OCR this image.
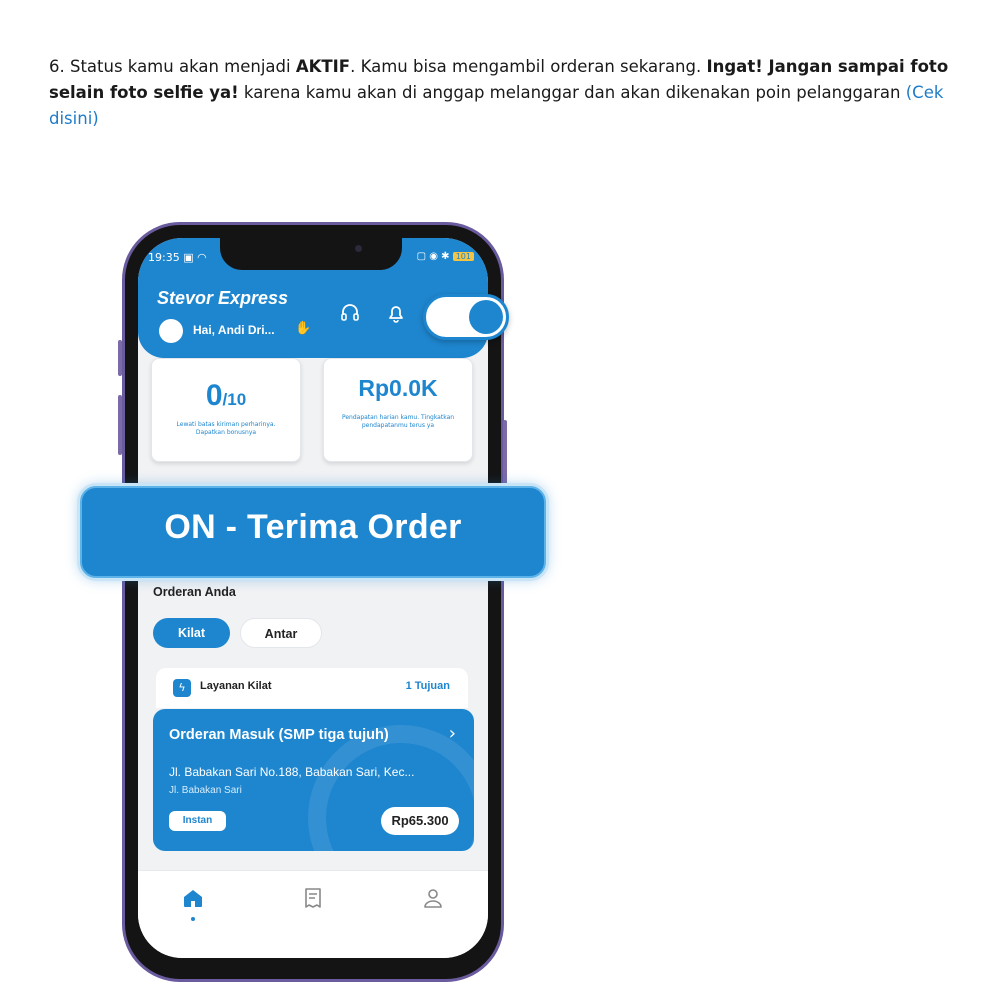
6. Status kamu akan menjadi AKTIF. Kamu bisa mengambil orderan sekarang. Ingat! Jangan sampai foto selain foto selfie ya! karena kamu akan di anggap melanggar dan akan dikenakan poin pelanggaran (Cek disini)

19:35 ▣ ◠	▢ ◉ ✱ 101
Stevor Express
Hai, Andi Dri... ✋
0/10
Lewati batas kiriman perharinya. Dapatkan bonusnya
Rp0.0K
Pendapatan harian kamu. Tingkatkan pendapatanmu terus ya
Orderan Anda
Kilat	Antar
ϟ	Layanan Kilat	1 Tujuan
Orderan Masuk (SMP tiga tujuh)	›
Jl. Babakan Sari No.188, Babakan Sari, Kec...
Jl. Babakan Sari
Instan	Rp65.300
ON - Terima Order
